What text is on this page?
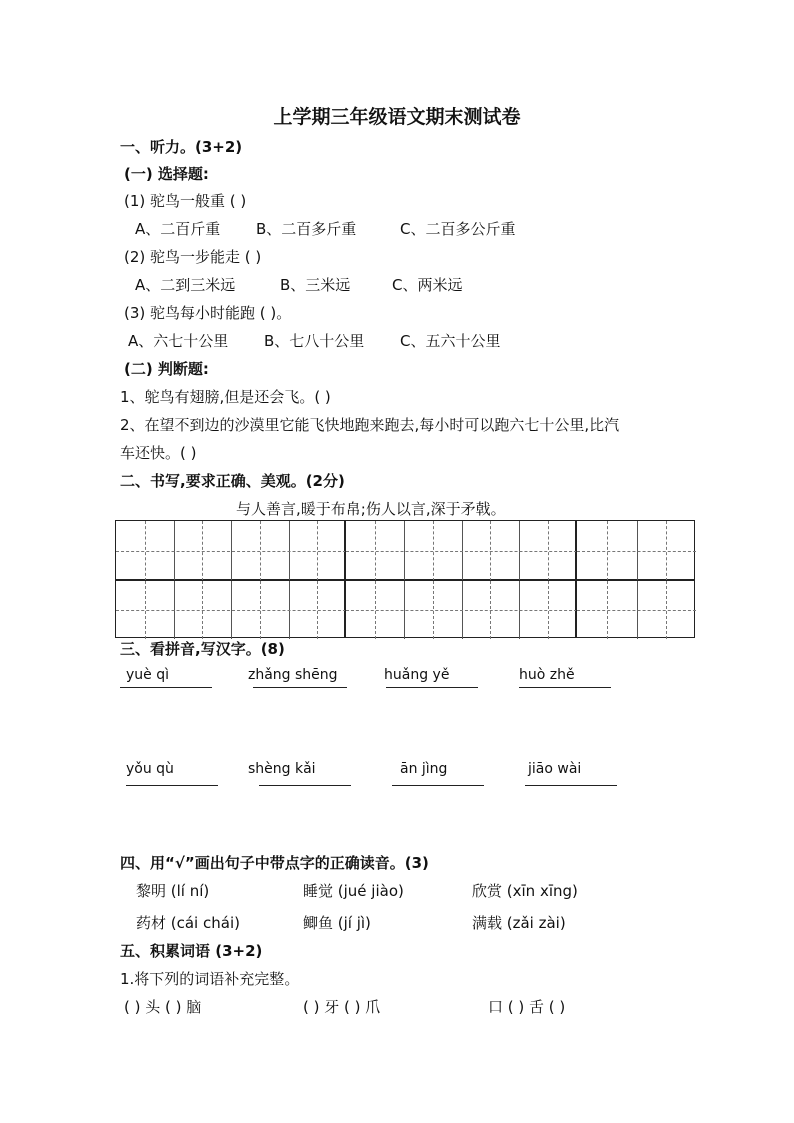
上学期三年级语文期末测试卷
一、听力。(3+2)
(一) 选择题:
(1) 驼鸟一般重 ( )
A、二百斤重 B、二百多斤重	C、二百多公斤重
(2) 驼鸟一步能走 ( )
A、二到三米远	B、三米远	C、两米远
(3) 驼鸟每小时能跑 ( )。
A、六七十公里 B、七八十公里 C、五六十公里
(二) 判断题:
1、鸵鸟有翅膀,但是还会飞。( )
2、在望不到边的沙漠里它能飞快地跑来跑去,每小时可以跑六七十公里,比汽
车还快。( )
二、书写,要求正确、美观。(2分)
与人善言,暖于布帛;伤人以言,深于矛戟。
三、看拼音,写汉字。(8)
yuè qì	zhǎng shēng	huǎng yě	huò zhě
yǒu qù	shèng kǎi	ān jìng	jiāo wài
四、用“√”画出句子中带点字的正确读音。(3)
黎明 (lí ní)	睡觉 (jué jiào)	欣赏 (xīn xīng)
药材 (cái chái)	鲫鱼 (jí jì)	满载 (zǎi zài)
五、积累词语 (3+2)
1.将下列的词语补充完整。
( ) 头 ( ) 脑	( ) 牙 ( ) 爪	口 ( ) 舌 ( )
